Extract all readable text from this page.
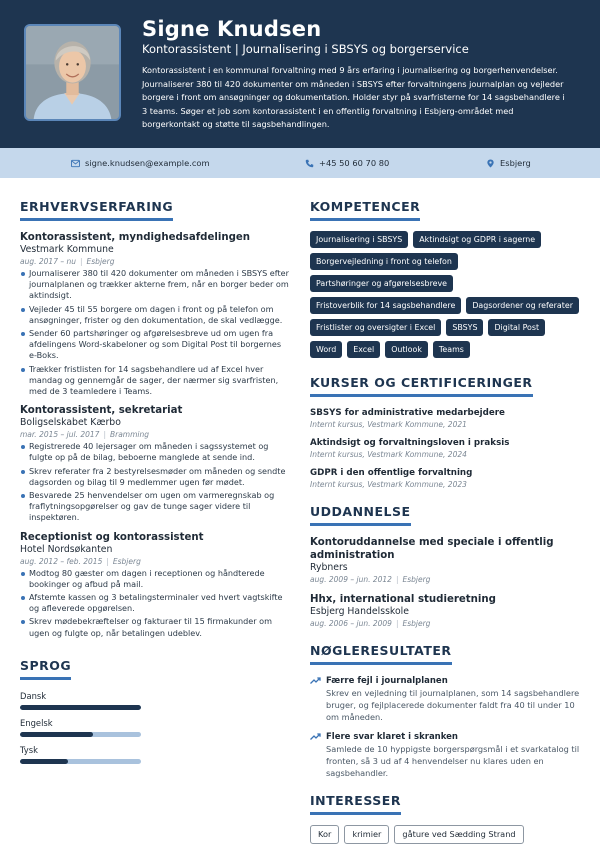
Signe Knudsen
Kontorassistent | Journalisering i SBSYS og borgerservice
Kontorassistent i en kommunal forvaltning med 9 års erfaring i journalisering og borgerhenvendelser. Journaliserer 380 til 420 dokumenter om måneden i SBSYS efter forvaltningens journalplan og vejleder borgere i front om ansøgninger og dokumentation. Holder styr på svarfristerne for 14 sagsbehandlere i 3 teams. Søger et job som kontorassistent i en offentlig forvaltning i Esbjerg-området med borgerkontakt og støtte til sagsbehandlingen.
signe.knudsen@example.com	+45 50 60 70 80	Esbjerg
ERHVERVSERFARING
Kontorassistent, myndighedsafdelingen
Vestmark Kommune
aug. 2017 – nu | Esbjerg
Journaliserer 380 til 420 dokumenter om måneden i SBSYS efter journalplanen og trækker akterne frem, når en borger beder om aktindsigt.
Vejleder 45 til 55 borgere om dagen i front og på telefon om ansøgninger, frister og den dokumentation, de skal vedlægge.
Sender 60 partshøringer og afgørelsesbreve ud om ugen fra afdelingens Word-skabeloner og som Digital Post til borgernes e-Boks.
Trækker fristlisten for 14 sagsbehandlere ud af Excel hver mandag og gennemgår de sager, der nærmer sig svarfristen, med de 3 teamledere i Teams.
Kontorassistent, sekretariat
Boligselskabet Kærbo
mar. 2015 – jul. 2017 | Bramming
Registrerede 40 lejersager om måneden i sagssystemet og fulgte op på de bilag, beboerne manglede at sende ind.
Skrev referater fra 2 bestyrelsesmøder om måneden og sendte dagsorden og bilag til 9 medlemmer ugen før mødet.
Besvarede 25 henvendelser om ugen om varmeregnskab og fraflytningsopgørelser og gav de tunge sager videre til inspektøren.
Receptionist og kontorassistent
Hotel Nordsøkanten
aug. 2012 – feb. 2015 | Esbjerg
Modtog 80 gæster om dagen i receptionen og håndterede bookinger og afbud på mail.
Afstemte kassen og 3 betalingsterminaler ved hvert vagtskifte og afleverede opgørelsen.
Skrev mødebekræftelser og fakturaer til 15 firmakunder om ugen og fulgte op, når betalingen udeblev.
SPROG
Dansk
Engelsk
Tysk
KOMPETENCER
Journalisering i SBSYS	Aktindsigt og GDPR i sagerne
Borgervejledning i front og telefon
Partshøringer og afgørelsesbreve
Fristoverblik for 14 sagsbehandlere	Dagsordener og referater
Fristlister og oversigter i Excel	SBSYS	Digital Post
Word	Excel	Outlook	Teams
KURSER OG CERTIFICERINGER
SBSYS for administrative medarbejdere
Internt kursus, Vestmark Kommune, 2021
Aktindsigt og forvaltningsloven i praksis
Internt kursus, Vestmark Kommune, 2024
GDPR i den offentlige forvaltning
Internt kursus, Vestmark Kommune, 2023
UDDANNELSE
Kontoruddannelse med speciale i offentlig administration
Rybners
aug. 2009 – jun. 2012 | Esbjerg
Hhx, international studieretning
Esbjerg Handelsskole
aug. 2006 – jun. 2009 | Esbjerg
NØGLERESULTATER
Færre fejl i journalplanen
Skrev en vejledning til journalplanen, som 14 sagsbehandlere bruger, og fejlplacerede dokumenter faldt fra 40 til under 10 om måneden.
Flere svar klaret i skranken
Samlede de 10 hyppigste borgerspørgsmål i et svarkatalog til fronten, så 3 ud af 4 henvendelser nu klares uden en sagsbehandler.
INTERESSER
Kor	krimier	gåture ved Sædding Strand
